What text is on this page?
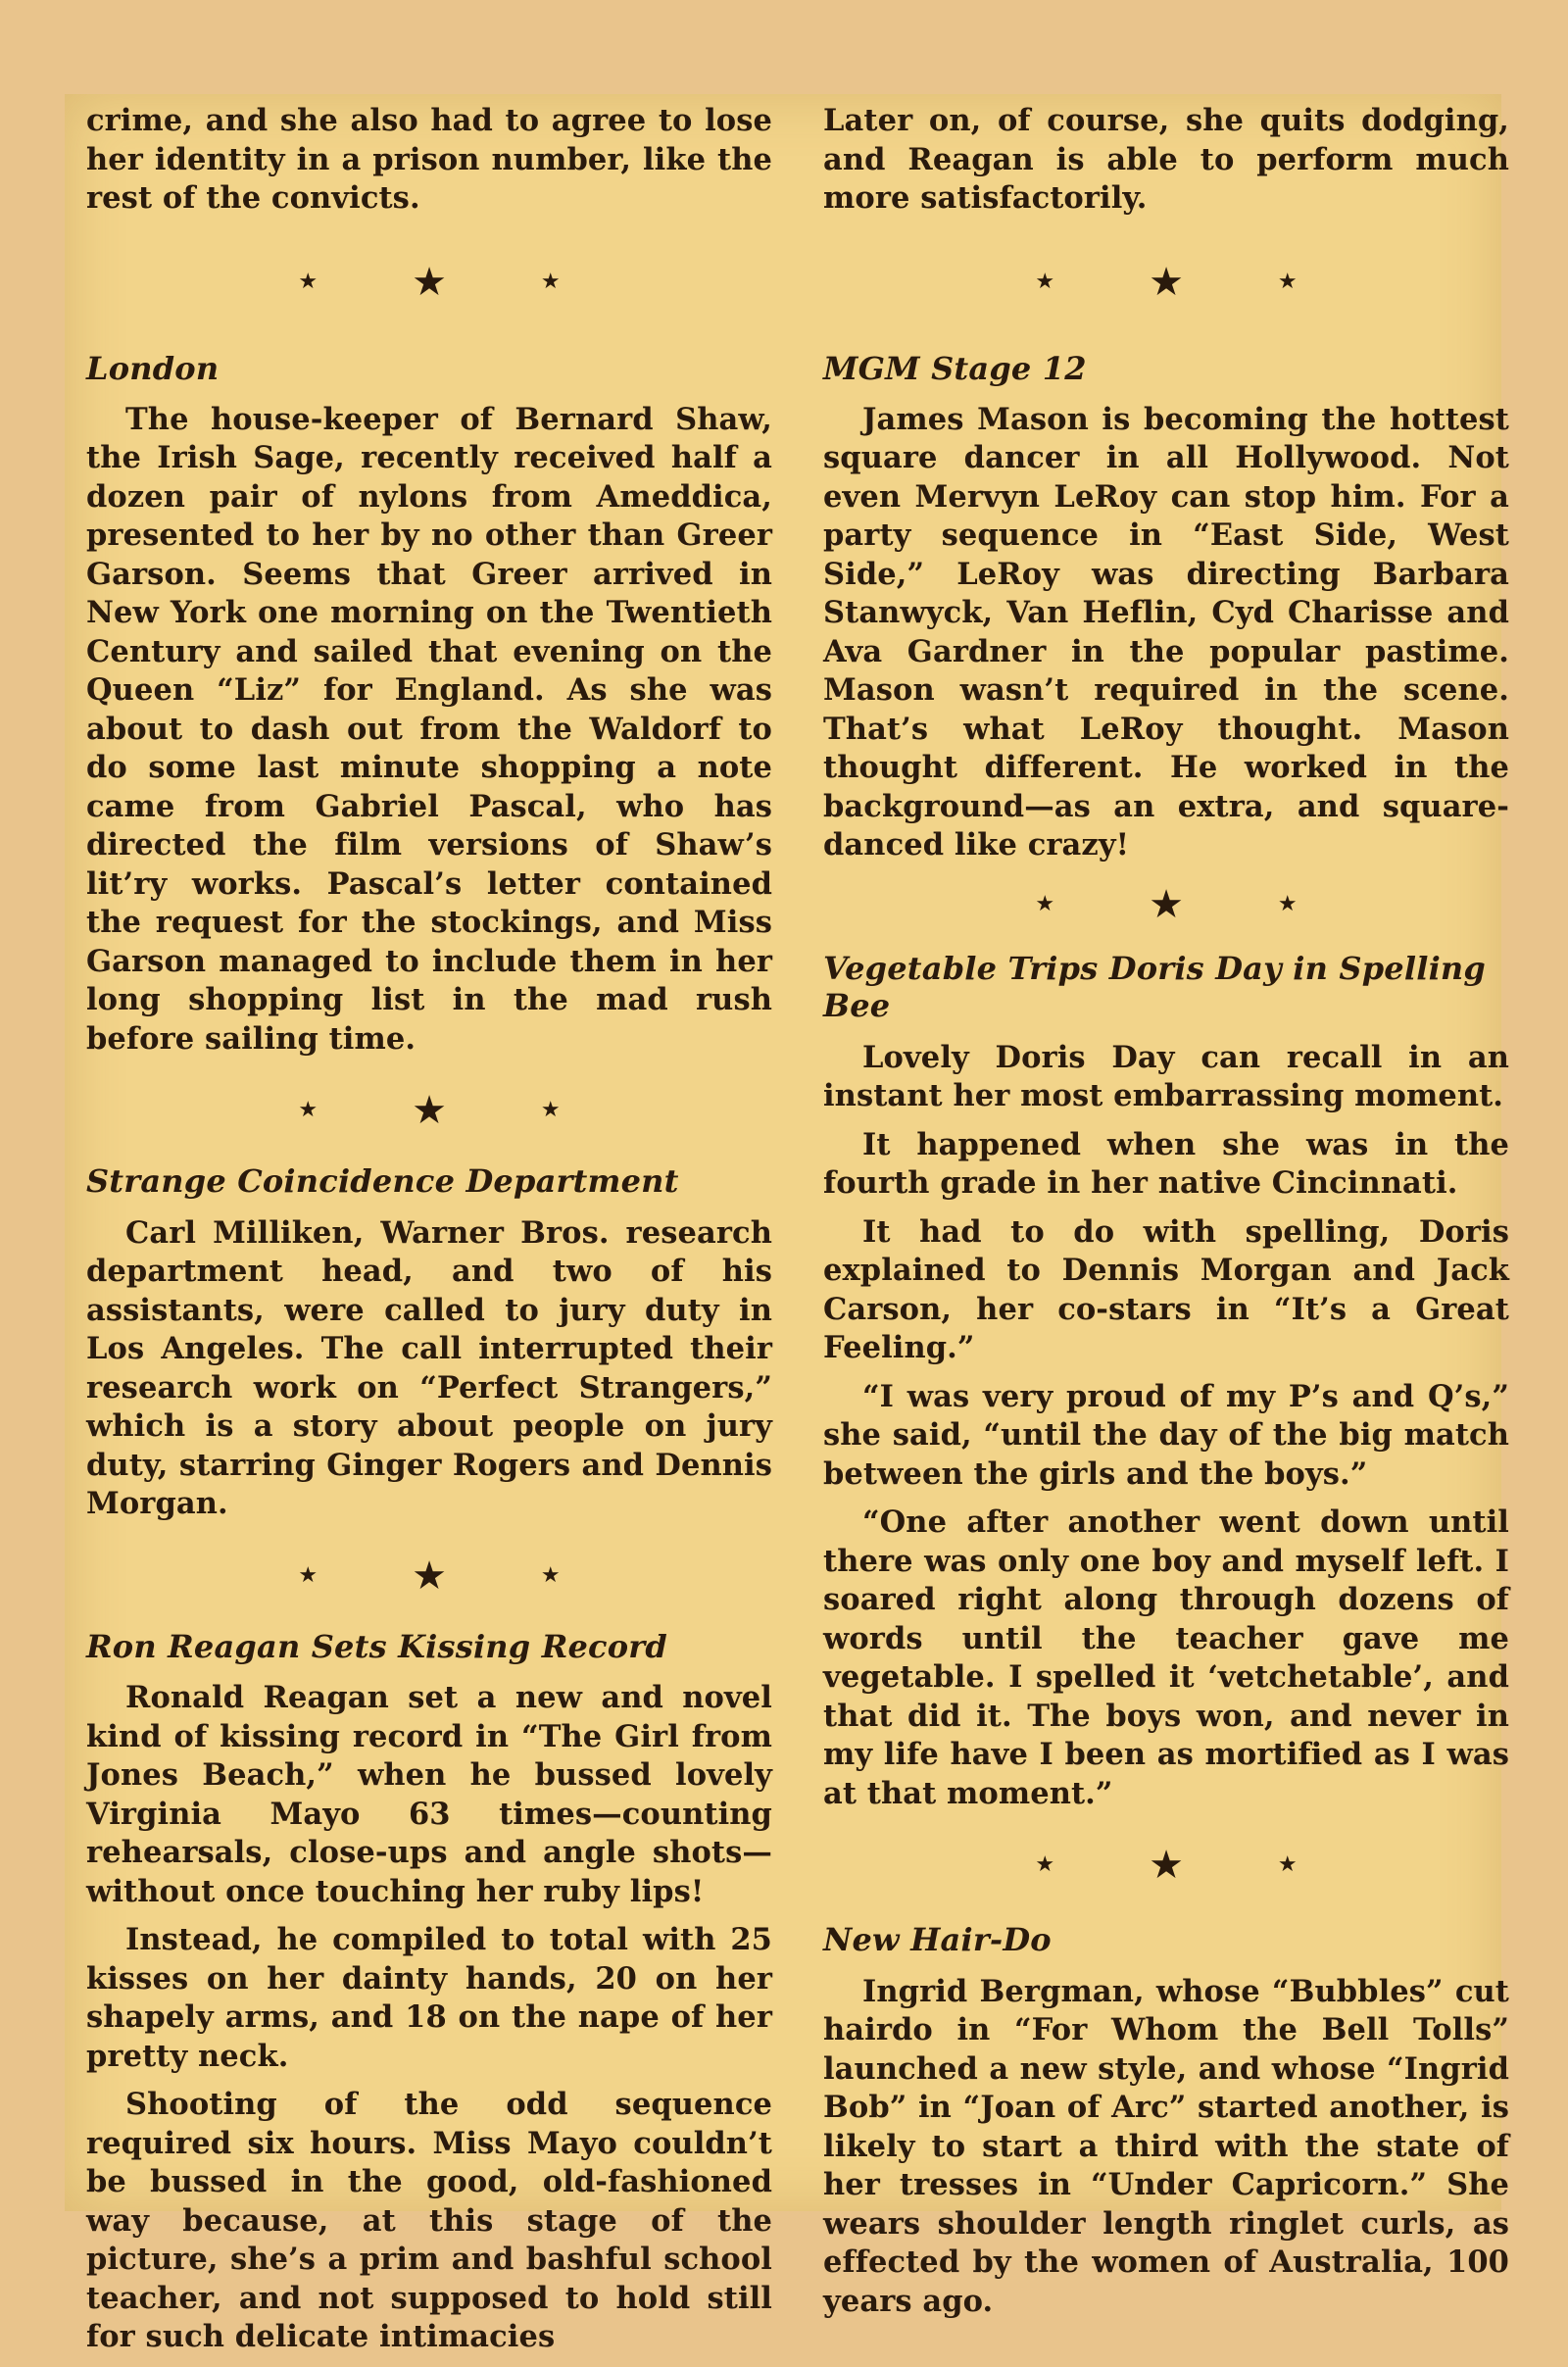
crime, and she also had to agree to lose her identity in a prison number, like the rest of the convicts.

★ ★	★
London

The house-keeper of Bernard Shaw, the Irish Sage, recently received half a dozen pair of nylons from Ameddica, presented to her by no other than Greer Garson. Seems that Greer arrived in New York one morning on the Twentieth Century and sailed that evening on the Queen “Liz” for England. As she was about to dash out from the Waldorf to do some last minute shopping a note came from Gabriel Pascal, who has directed the film versions of Shaw’s lit’ry works. Pascal’s letter contained the request for the stockings, and Miss Garson managed to include them in her long shopping list in the mad rush before sailing time.

★ ★	★
Strange Coincidence Department

Carl Milliken, Warner Bros. research department head, and two of his assistants, were called to jury duty in Los Angeles. The call interrupted their research work on “Perfect Strangers,” which is a story about people on jury duty, starring Ginger Rogers and Dennis Morgan.

★ ★	★
Ron Reagan Sets Kissing Record

Ronald Reagan set a new and novel kind of kissing record in “The Girl from Jones Beach,” when he bussed lovely Virginia Mayo 63 times—counting rehearsals, close-ups and angle shots—without once touching her ruby lips!

Instead, he compiled to total with 25 kisses on her dainty hands, 20 on her shapely arms, and 18 on the nape of her pretty neck.

Shooting of the odd sequence required six hours. Miss Mayo couldn’t be bussed in the good, old-fashioned way because, at this stage of the picture, she’s a prim and bashful school teacher, and not supposed to hold still for such delicate intimacies

Later on, of course, she quits dodging, and Reagan is able to perform much more satisfactorily.

★ ★	★
MGM Stage 12

James Mason is becoming the hottest square dancer in all Hollywood. Not even Mervyn LeRoy can stop him. For a party sequence in “East Side, West Side,” LeRoy was directing Barbara Stanwyck, Van Heflin, Cyd Charisse and Ava Gardner in the popular pastime. Mason wasn’t required in the scene. That’s what LeRoy thought. Mason thought different. He worked in the background—as an extra, and square-danced like crazy!

★ ★	★
Vegetable Trips Doris Day in Spelling Bee

Lovely Doris Day can recall in an instant her most embarrassing moment.

It happened when she was in the fourth grade in her native Cincinnati.

It had to do with spelling, Doris explained to Dennis Morgan and Jack Carson, her co-stars in “It’s a Great Feeling.”

“I was very proud of my P’s and Q’s,” she said, “until the day of the big match between the girls and the boys.”

“One after another went down until there was only one boy and myself left. I soared right along through dozens of words until the teacher gave me vegetable. I spelled it ‘vetchetable’, and that did it. The boys won, and never in my life have I been as mortified as I was at that moment.”

★ ★	★
New Hair-Do

Ingrid Bergman, whose “Bubbles” cut hairdo in “For Whom the Bell Tolls” launched a new style, and whose “Ingrid Bob” in “Joan of Arc” started another, is likely to start a third with the state of her tresses in “Under Capricorn.” She wears shoulder length ringlet curls, as effected by the women of Australia, 100 years ago.
